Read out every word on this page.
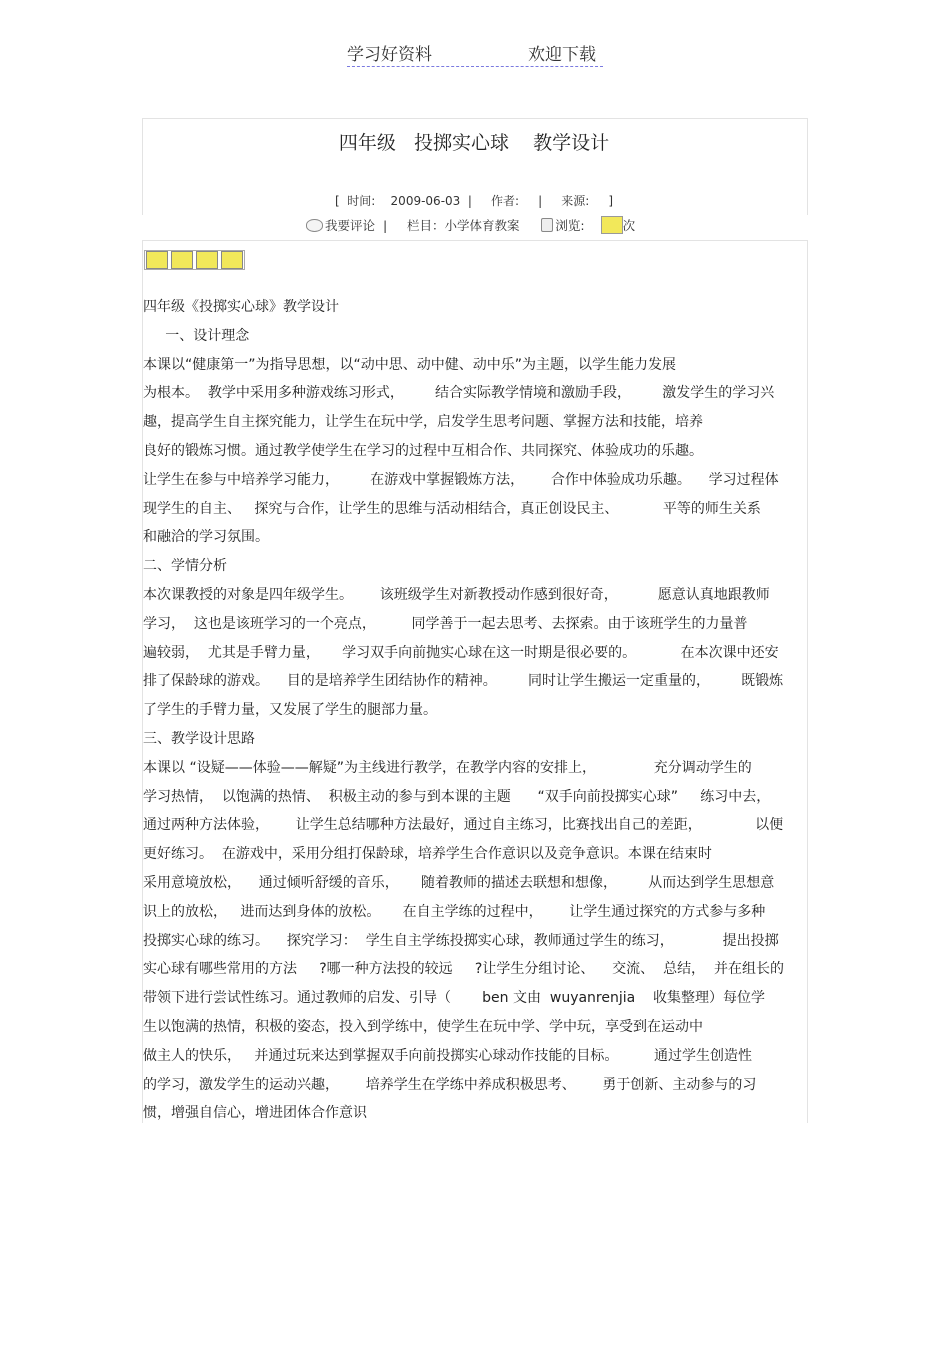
学习好资料	欢迎下载
四年级   投掷实心球    教学设计
[  时间:    2009-06-03  |     作者:     |     来源:     ]
我要评论 |     栏目：小学体育教案 浏览:	次

四年级《投掷实心球》教学设计

一、设计理念

本课以“健康第一”为指导思想，以“动中思、动中健、动中乐”为主题，以学生能力发展

为根本。  教学中采用多种游戏练习形式，       结合实际教学情境和激励手段，       激发学生的学习兴

趣，提高学生自主探究能力，让学生在玩中学，启发学生思考问题、掌握方法和技能，培养

良好的锻炼习惯。通过教学使学生在学习的过程中互相合作、共同探究、体验成功的乐趣。

让学生在参与中培养学习能力，       在游戏中掌握锻炼方法，      合作中体验成功乐趣。    学习过程体

现学生的自主、   探究与合作，让学生的思维与活动相结合，真正创设民主、          平等的师生关系

和融洽的学习氛围。

二、学情分析

本次课教授的对象是四年级学生。      该班级学生对新教授动作感到很好奇，         愿意认真地跟教师

学习，  这也是该班学习的一个亮点，        同学善于一起去思考、去探索。由于该班学生的力量普

遍较弱，  尤其是手臂力量，     学习双手向前抛实心球在这一时期是很必要的。          在本次课中还安

排了保龄球的游戏。    目的是培养学生团结协作的精神。       同时让学生搬运一定重量的，       既锻炼

了学生的手臂力量，又发展了学生的腿部力量。

三、教学设计思路

本课以 “设疑——体验——解疑”为主线进行教学，在教学内容的安排上，             充分调动学生的

学习热情，  以饱满的热情、  积极主动的参与到本课的主题      “双手向前投掷实心球”     练习中去，

通过两种方法体验，      让学生总结哪种方法最好，通过自主练习，比赛找出自己的差距，            以便

更好练习。  在游戏中，采用分组打保龄球，培养学生合作意识以及竞争意识。本课在结束时

采用意境放松，    通过倾听舒缓的音乐，     随着教师的描述去联想和想像，       从而达到学生思想意

识上的放松，   进而达到身体的放松。     在自主学练的过程中，      让学生通过探究的方式参与多种

投掷实心球的练习。    探究学习：  学生自主学练投掷实心球，教师通过学生的练习，           提出投掷

实心球有哪些常用的方法     ?哪一种方法投的较远     ?让学生分组讨论、    交流、  总结，  并在组长的

带领下进行尝试性练习。通过教师的启发、引导（       ben 文由  wuyanrenjia    收集整理）每位学

生以饱满的热情，积极的姿态，投入到学练中，使学生在玩中学、学中玩，享受到在运动中

做主人的快乐，   并通过玩来达到掌握双手向前投掷实心球动作技能的目标。        通过学生创造性

的学习，激发学生的运动兴趣，      培养学生在学练中养成积极思考、      勇于创新、主动参与的习

惯，增强自信心，增进团体合作意识
